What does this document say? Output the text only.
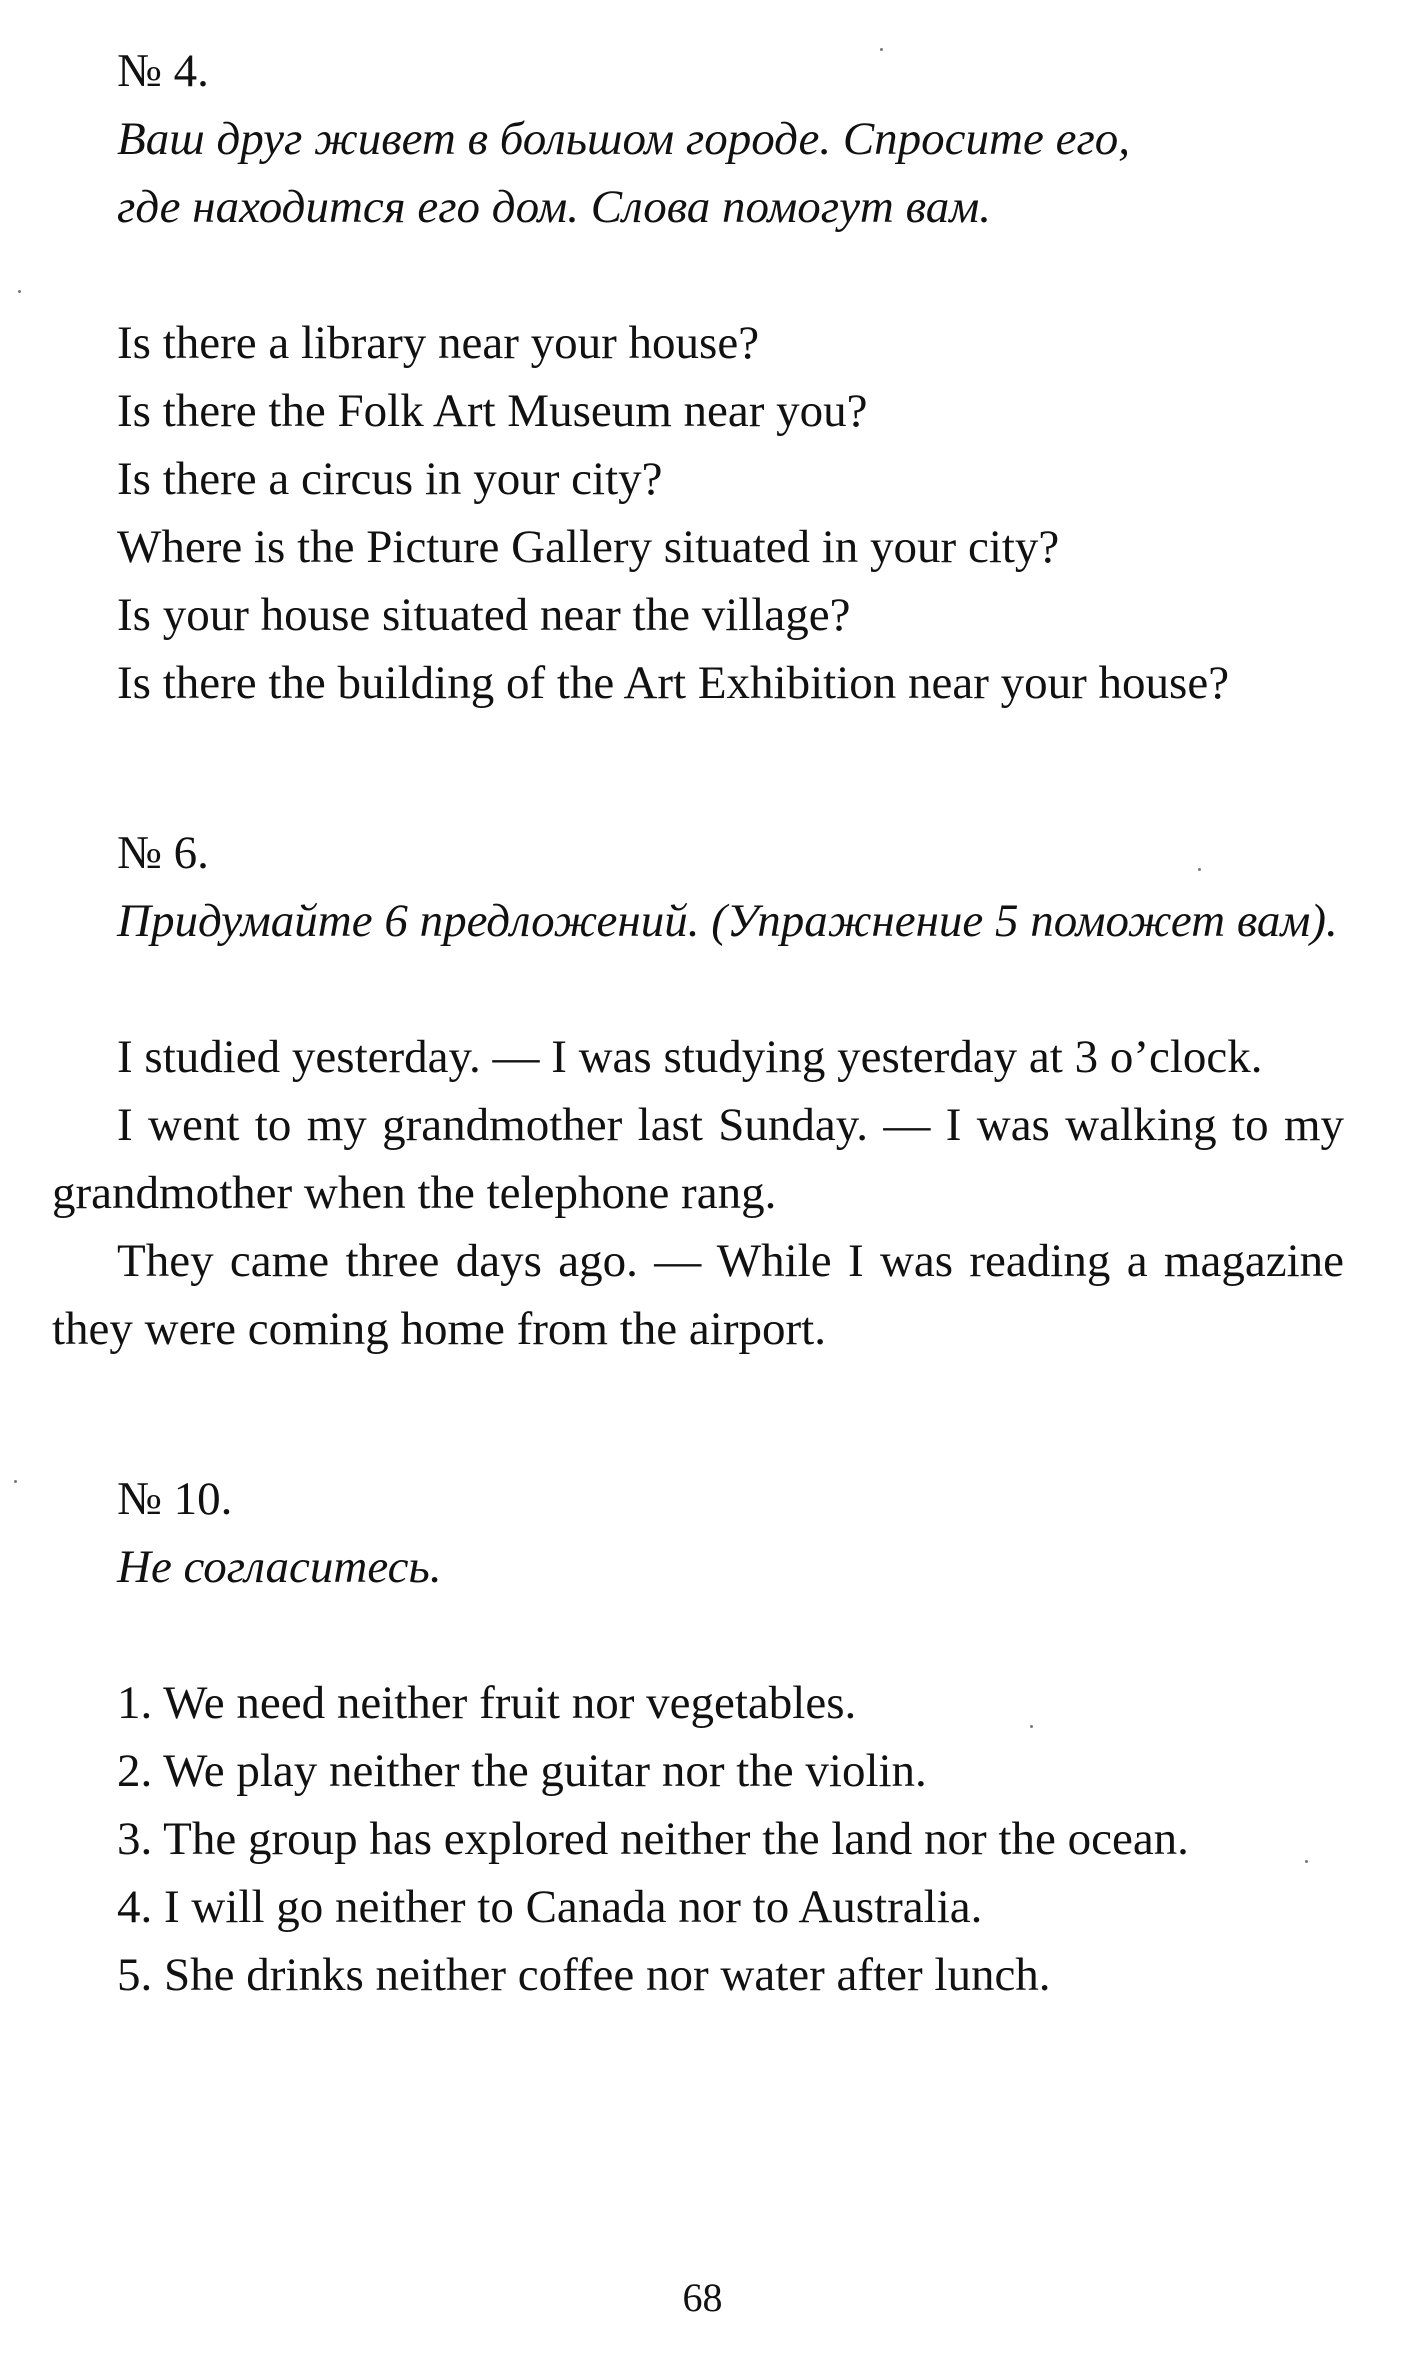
№ 4.

Ваш друг живет в большом городе. Спросите его,
где находится его дом. Слова помогут вам.

Is there a library near your house?

Is there the Folk Art Museum near you?

Is there a circus in your city?

Where is the Picture Gallery situated in your city?

Is your house situated near the village?

Is there the building of the Art Exhibition near your house?

№ 6.

Придумайте 6 предложений. (Упражнение 5 поможет вам).

I studied yesterday. — I was studying yesterday at 3 o’clock.

I went to my grandmother last Sunday. — I was walking to my grandmother when the telephone rang.

They came three days ago. — While I was reading a magazine they were coming home from the airport.

№ 10.

Не согласитесь.

1. We need neither fruit nor vegetables.

2. We play neither the guitar nor the violin.

3. The group has explored neither the land nor the ocean.

4. I will go neither to Canada nor to Australia.

5. She drinks neither coffee nor water after lunch.

68
